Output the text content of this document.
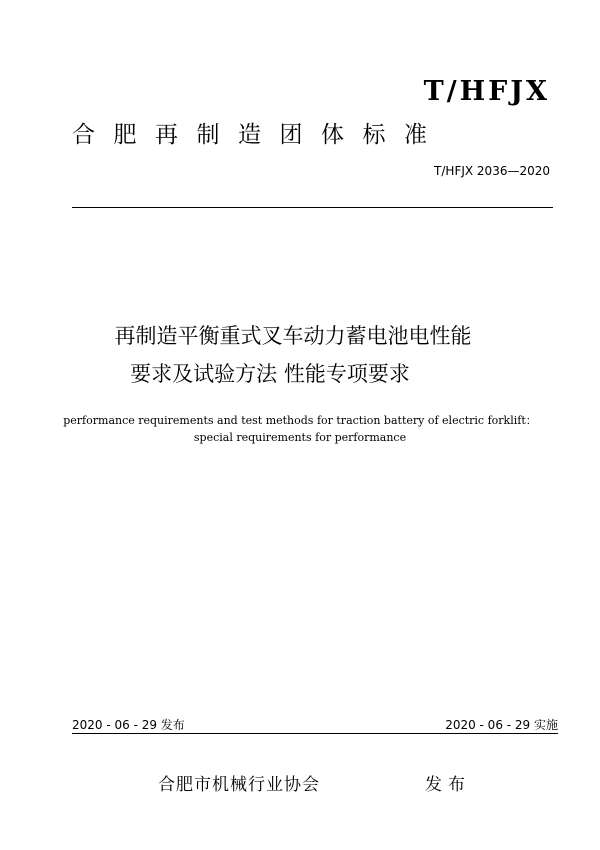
T/HFJX
合肥再制造团体标准
T/HFJX 2036—2020
再制造平衡重式叉车动力蓄电池电性能
要求及试验方法 性能专项要求
performance requirements and test methods for traction battery of electric forklift：
special requirements for performance
2020 - 06 - 29 发布	2020 - 06 - 29 实施
合肥市机械行业协会	发布
